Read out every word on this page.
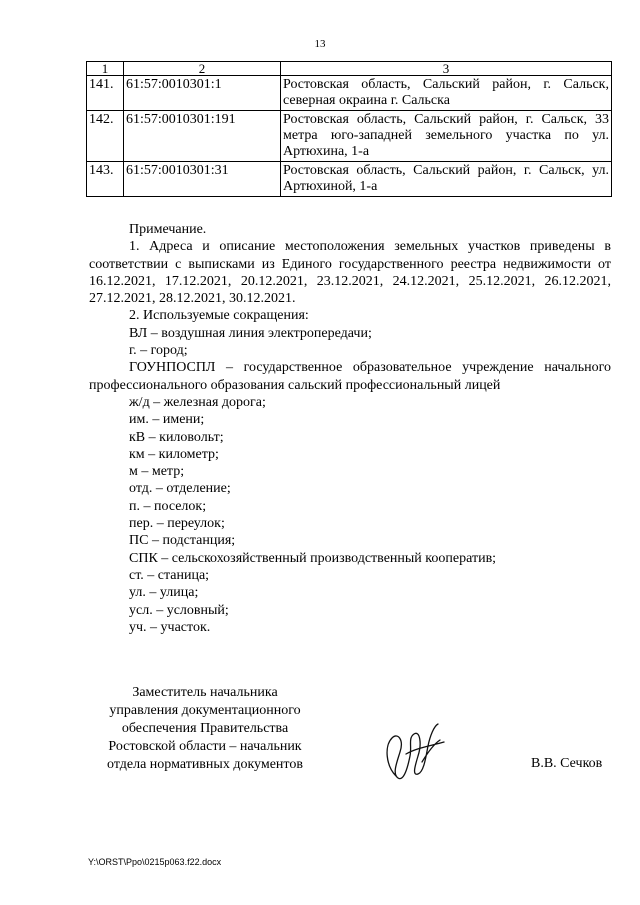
13
1	2	3
141.	61:57:0010301:1	Ростовская область, Сальский район, г. Сальск, северная окраина г. Сальска
142.	61:57:0010301:191	Ростовская область, Сальский район, г. Сальск, 33 метра юго-западней земельного участка по ул. Артюхина, 1-а
143.	61:57:0010301:31	Ростовская область, Сальский район, г. Сальск, ул. Артюхиной, 1-а

Примечание.

1. Адреса и описание местоположения земельных участков приведены в соответствии с выписками из Единого государственного реестра недвижимости от 16.12.2021, 17.12.2021, 20.12.2021, 23.12.2021, 24.12.2021, 25.12.2021, 26.12.2021, 27.12.2021, 28.12.2021, 30.12.2021.

2. Используемые сокращения:

ВЛ – воздушная линия электропередачи;

г. – город;

ГОУНПОСПЛ – государственное образовательное учреждение начального профессионального образования сальский профессиональный лицей

ж/д – железная дорога;

им. – имени;

кВ – киловольт;

км – километр;

м – метр;

отд. – отделение;

п. – поселок;

пер. – переулок;

ПС – подстанция;

СПК – сельскохозяйственный производственный кооператив;

ст. – станица;

ул. – улица;

усл. – условный;

уч. – участок.

Заместитель начальника
управления документационного
обеспечения Правительства
Ростовской области – начальник
отдела нормативных документов	В.В. Сечков
Y:\ORST\Ppo\0215p063.f22.docx
